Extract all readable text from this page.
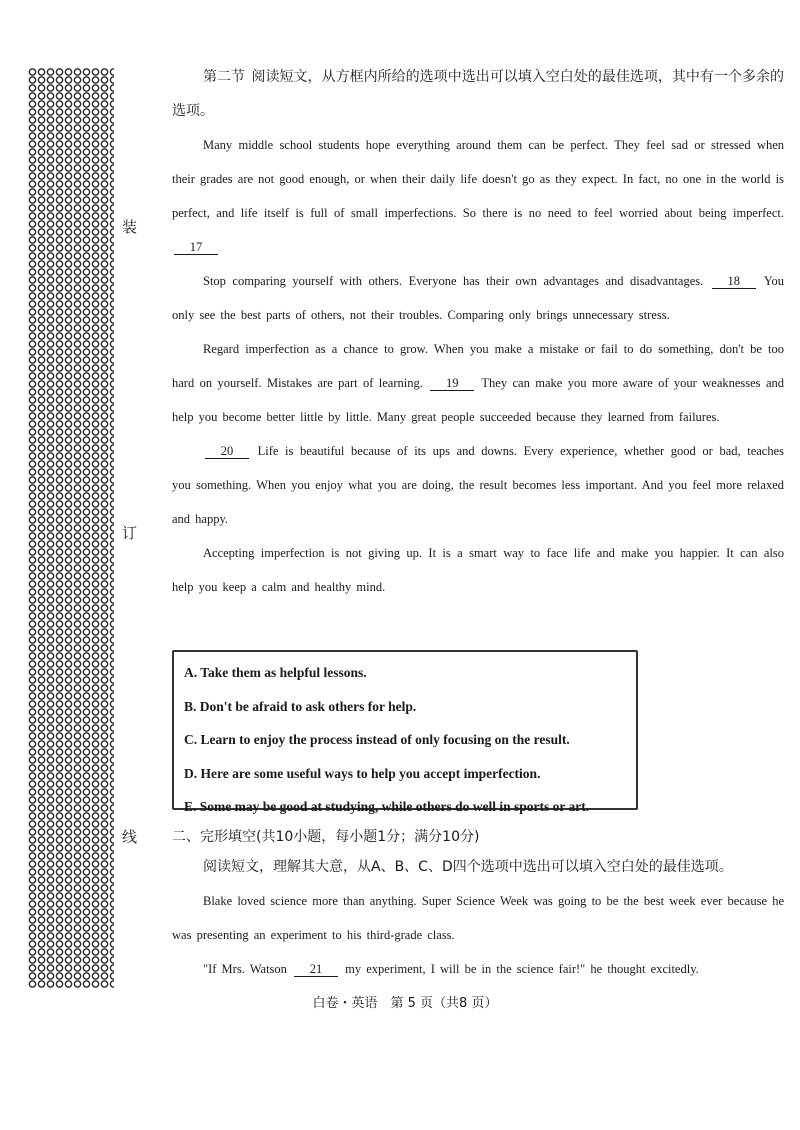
装
订
线

第二节 阅读短文，从方框内所给的选项中选出可以填入空白处的最佳选项，其中有一个多余的选项。

Many middle school students hope everything around them can be perfect. They feel sad or stressed when their grades are not good enough, or when their daily life doesn't go as they expect. In fact, no one in the world is perfect, and life itself is full of small imperfections. So there is no need to feel worried about being imperfect. 17

Stop comparing yourself with others. Everyone has their own advantages and disadvantages. 18 You only see the best parts of others, not their troubles. Comparing only brings unnecessary stress.

Regard imperfection as a chance to grow. When you make a mistake or fail to do something, don't be too hard on yourself. Mistakes are part of learning. 19 They can make you more aware of your weaknesses and help you become better little by little. Many great people succeeded because they learned from failures.

20 Life is beautiful because of its ups and downs. Every experience, whether good or bad, teaches you something. When you enjoy what you are doing, the result becomes less important. And you feel more relaxed and happy.

Accepting imperfection is not giving up. It is a smart way to face life and make you happier. It can also help you keep a calm and healthy mind.

A. Take them as helpful lessons.

B. Don't be afraid to ask others for help.

C. Learn to enjoy the process instead of only focusing on the result.

D. Here are some useful ways to help you accept imperfection.

E. Some may be good at studying, while others do well in sports or art.

二、完形填空(共10小题，每小题1分；满分10分)

阅读短文，理解其大意，从A、B、C、D四个选项中选出可以填入空白处的最佳选项。

Blake loved science more than anything. Super Science Week was going to be the best week ever because he was presenting an experiment to his third-grade class.

"If Mrs. Watson 21 my experiment, I will be in the science fair!" he thought excitedly.

白卷・英语　第 5 页（共8 页）
